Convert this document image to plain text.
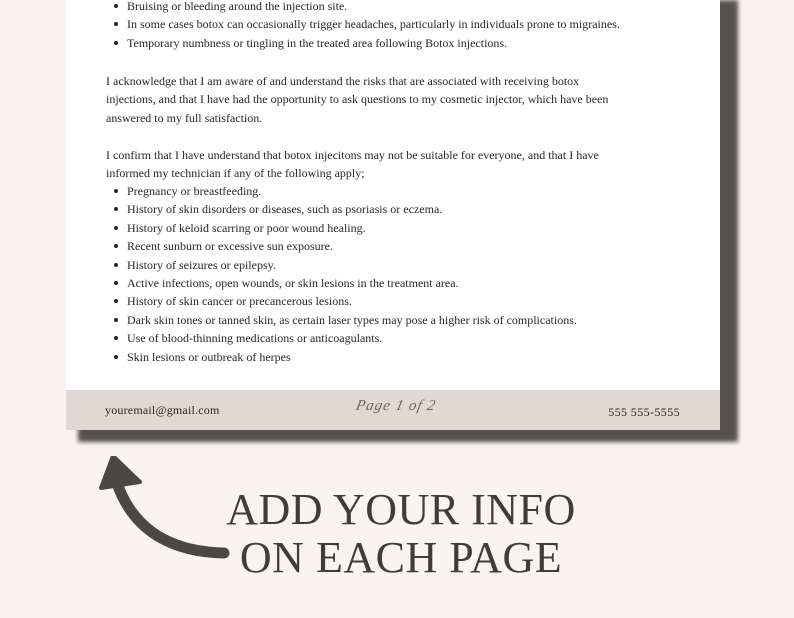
Bruising or bleeding around the injection site.
In some cases botox can occasionally trigger headaches, particularly in individuals prone to migraines.
Temporary numbness or tingling in the treated area following Botox injections.

I acknowledge that I am aware of and understand the risks that are associated with receiving botox

injections, and that I have had the opportunity to ask questions to my cosmetic injector, which have been

answered to my full satisfaction.

I confirm that I have understand that botox injecitons may not be suitable for everyone, and that I have

informed my technician if any of the following apply;

Pregnancy or breastfeeding.
History of skin disorders or diseases, such as psoriasis or eczema.
History of keloid scarring or poor wound healing.
Recent sunburn or excessive sun exposure.
History of seizures or epilepsy.
Active infections, open wounds, or skin lesions in the treatment area.
History of skin cancer or precancerous lesions.
Dark skin tones or tanned skin, as certain laser types may pose a higher risk of complications.
Use of blood-thinning medications or anticoagulants.
Skin lesions or outbreak of herpes
youremail@gmail.com	Page 1 of 2	555 555-5555
ADD YOUR INFO
ON EACH PAGE
